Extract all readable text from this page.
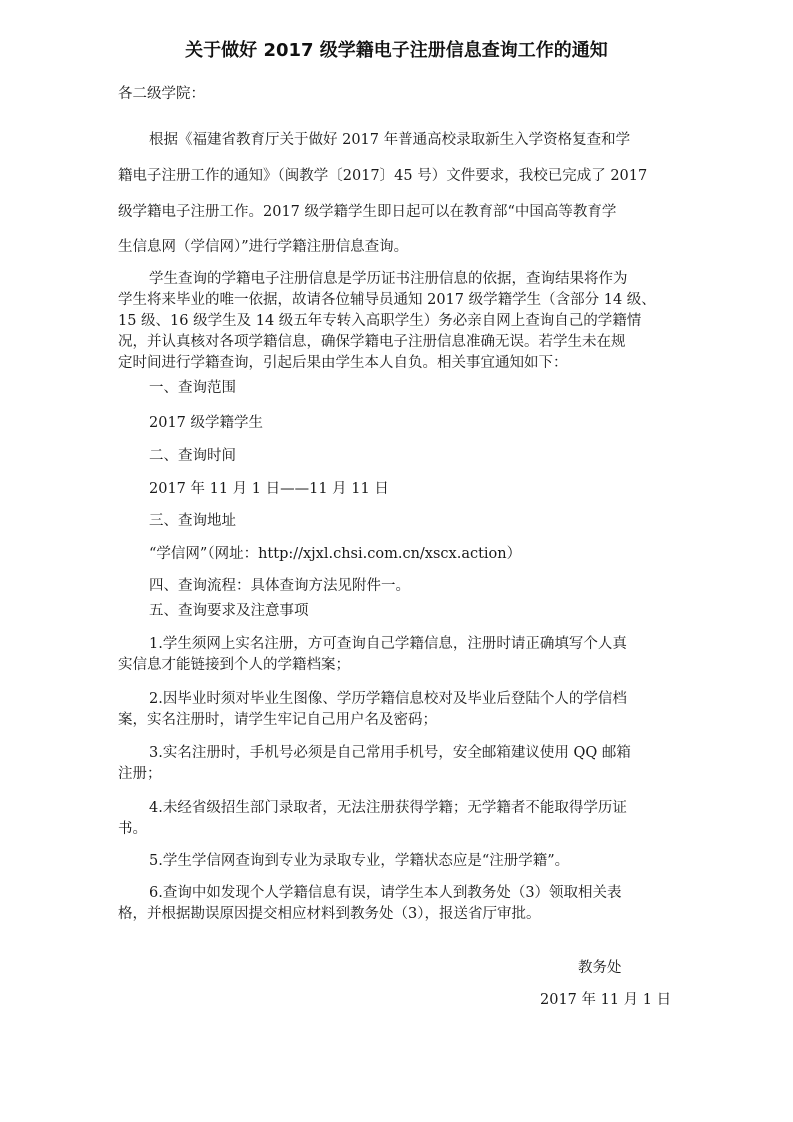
关于做好 2017 级学籍电子注册信息查询工作的通知
各二级学院：
根据《福建省教育厅关于做好 2017 年普通高校录取新生入学资格复查和学
籍电子注册工作的通知》（闽教学〔2017〕45 号）文件要求，我校已完成了 2017
级学籍电子注册工作。2017 级学籍学生即日起可以在教育部“中国高等教育学
生信息网（学信网）”进行学籍注册信息查询。
学生查询的学籍电子注册信息是学历证书注册信息的依据，查询结果将作为
学生将来毕业的唯一依据，故请各位辅导员通知 2017 级学籍学生（含部分 14 级、
15 级、16 级学生及 14 级五年专转入高职学生）务必亲自网上查询自己的学籍情
况，并认真核对各项学籍信息，确保学籍电子注册信息准确无误。若学生未在规
定时间进行学籍查询，引起后果由学生本人自负。相关事宜通知如下：
一、查询范围
2017 级学籍学生
二、查询时间
2017 年 11 月 1 日——11 月 11 日
三、查询地址
“学信网”（网址：http://xjxl.chsi.com.cn/xscx.action）
四、查询流程：具体查询方法见附件一。
五、查询要求及注意事项
1.学生须网上实名注册，方可查询自己学籍信息，注册时请正确填写个人真
实信息才能链接到个人的学籍档案；
2.因毕业时须对毕业生图像、学历学籍信息校对及毕业后登陆个人的学信档
案，实名注册时，请学生牢记自己用户名及密码；
3.实名注册时，手机号必须是自己常用手机号，安全邮箱建议使用 QQ 邮箱
注册；
4.未经省级招生部门录取者，无法注册获得学籍；无学籍者不能取得学历证
书。
5.学生学信网查询到专业为录取专业，学籍状态应是“注册学籍”。
6.查询中如发现个人学籍信息有误，请学生本人到教务处（3）领取相关表
格，并根据勘误原因提交相应材料到教务处（3），报送省厅审批。
教务处
2017 年 11 月 1 日
